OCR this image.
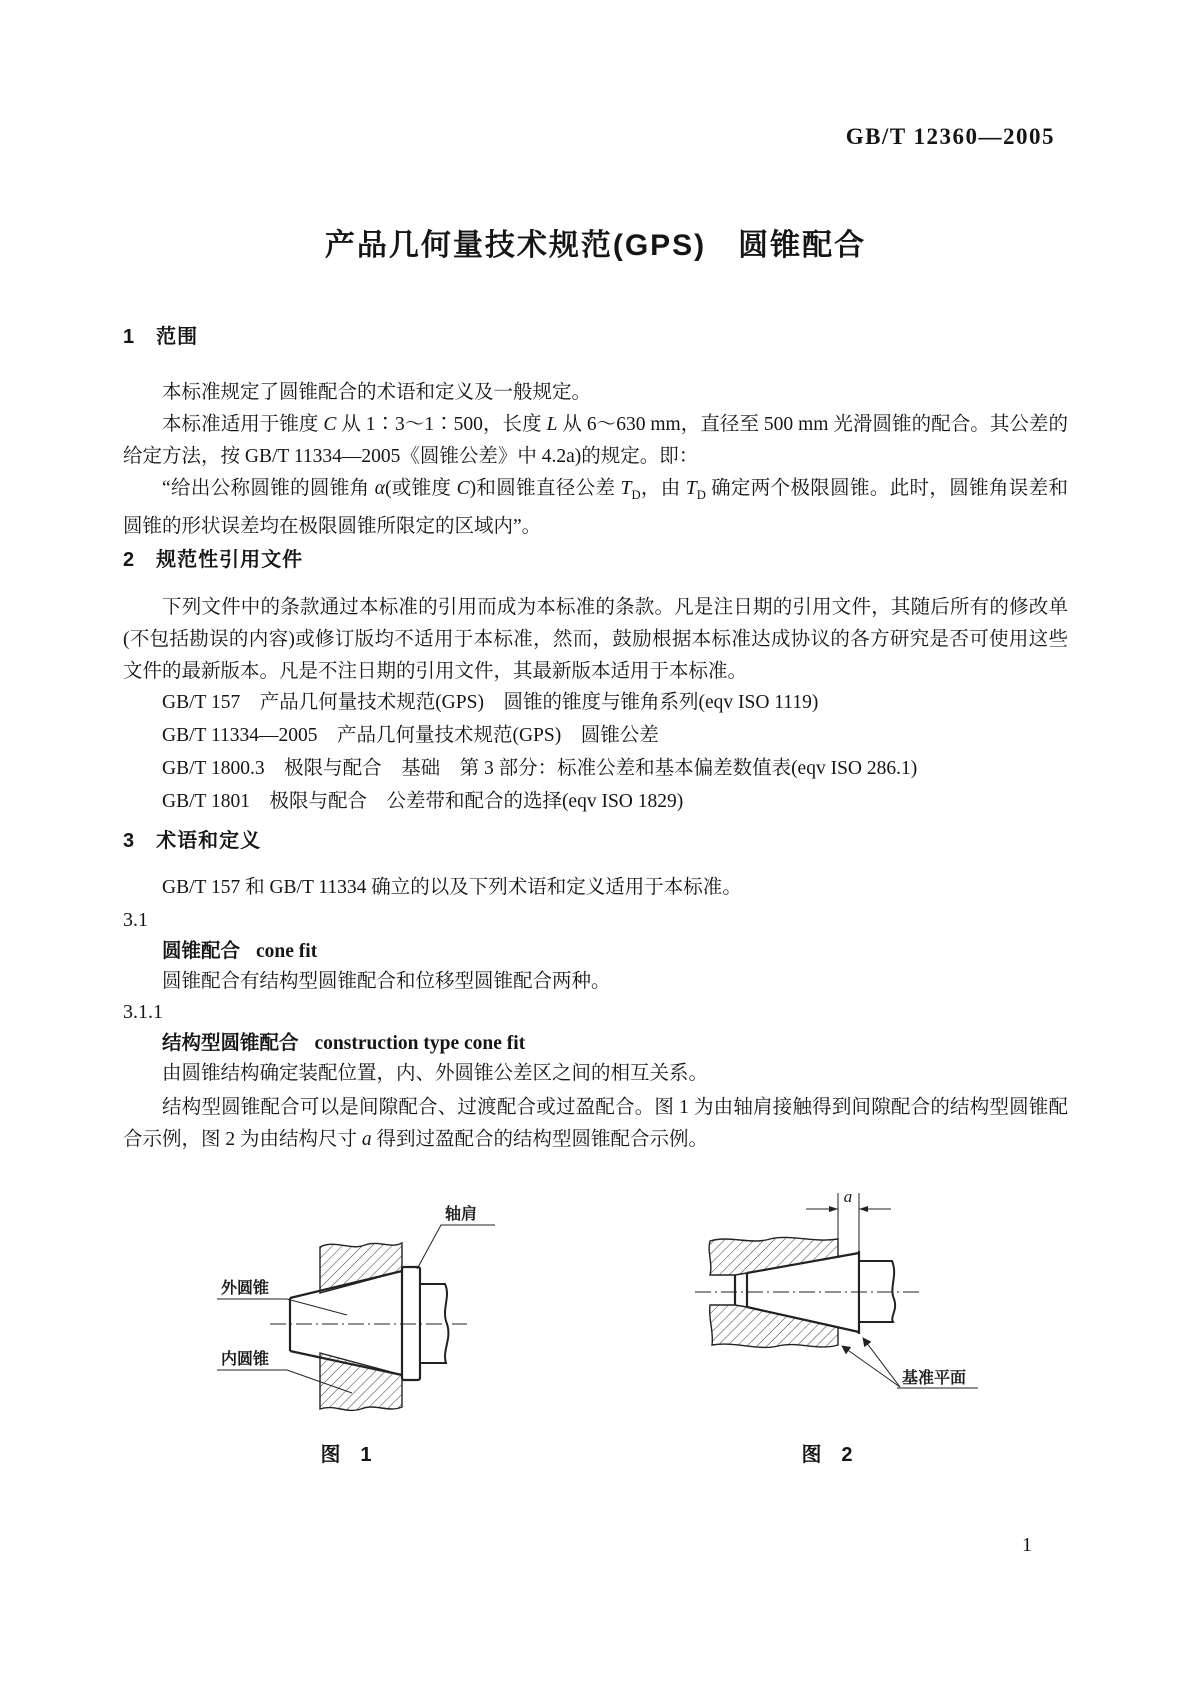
GB/T 12360—2005
产品几何量技术规范(GPS)　圆锥配合
1　范围

本标准规定了圆锥配合的术语和定义及一般规定。

本标准适用于锥度 C 从 1∶3～1∶500，长度 L 从 6～630 mm，直径至 500 mm 光滑圆锥的配合。其公差的给定方法，按 GB/T 11334—2005《圆锥公差》中 4.2a)的规定。即：

“给出公称圆锥的圆锥角 α(或锥度 C)和圆锥直径公差 $T_D$，由 $T_D$ 确定两个极限圆锥。此时，圆锥角误差和圆锥的形状误差均在极限圆锥所限定的区域内”。

2　规范性引用文件

下列文件中的条款通过本标准的引用而成为本标准的条款。凡是注日期的引用文件，其随后所有的修改单(不包括勘误的内容)或修订版均不适用于本标准，然而，鼓励根据本标准达成协议的各方研究是否可使用这些文件的最新版本。凡是不注日期的引用文件，其最新版本适用于本标准。

GB/T 157　产品几何量技术规范(GPS)　圆锥的锥度与锥角系列(eqv ISO 1119)
GB/T 11334—2005　产品几何量技术规范(GPS)　圆锥公差
GB/T 1800.3　极限与配合　基础　第 3 部分：标准公差和基本偏差数值表(eqv ISO 286.1)
GB/T 1801　极限与配合　公差带和配合的选择(eqv ISO 1829)
3　术语和定义

GB/T 157 和 GB/T 11334 确立的以及下列术语和定义适用于本标准。

3.1
圆锥配合 cone fit
圆锥配合有结构型圆锥配合和位移型圆锥配合两种。
3.1.1
结构型圆锥配合 construction type cone fit
由圆锥结构确定装配位置，内、外圆锥公差区之间的相互关系。

结构型圆锥配合可以是间隙配合、过渡配合或过盈配合。图 1 为由轴肩接触得到间隙配合的结构型圆锥配合示例，图 2 为由结构尺寸 a 得到过盈配合的结构型圆锥配合示例。

轴肩
外圆锥
内圆锥
a
基准平面
图　1	图　2
1
